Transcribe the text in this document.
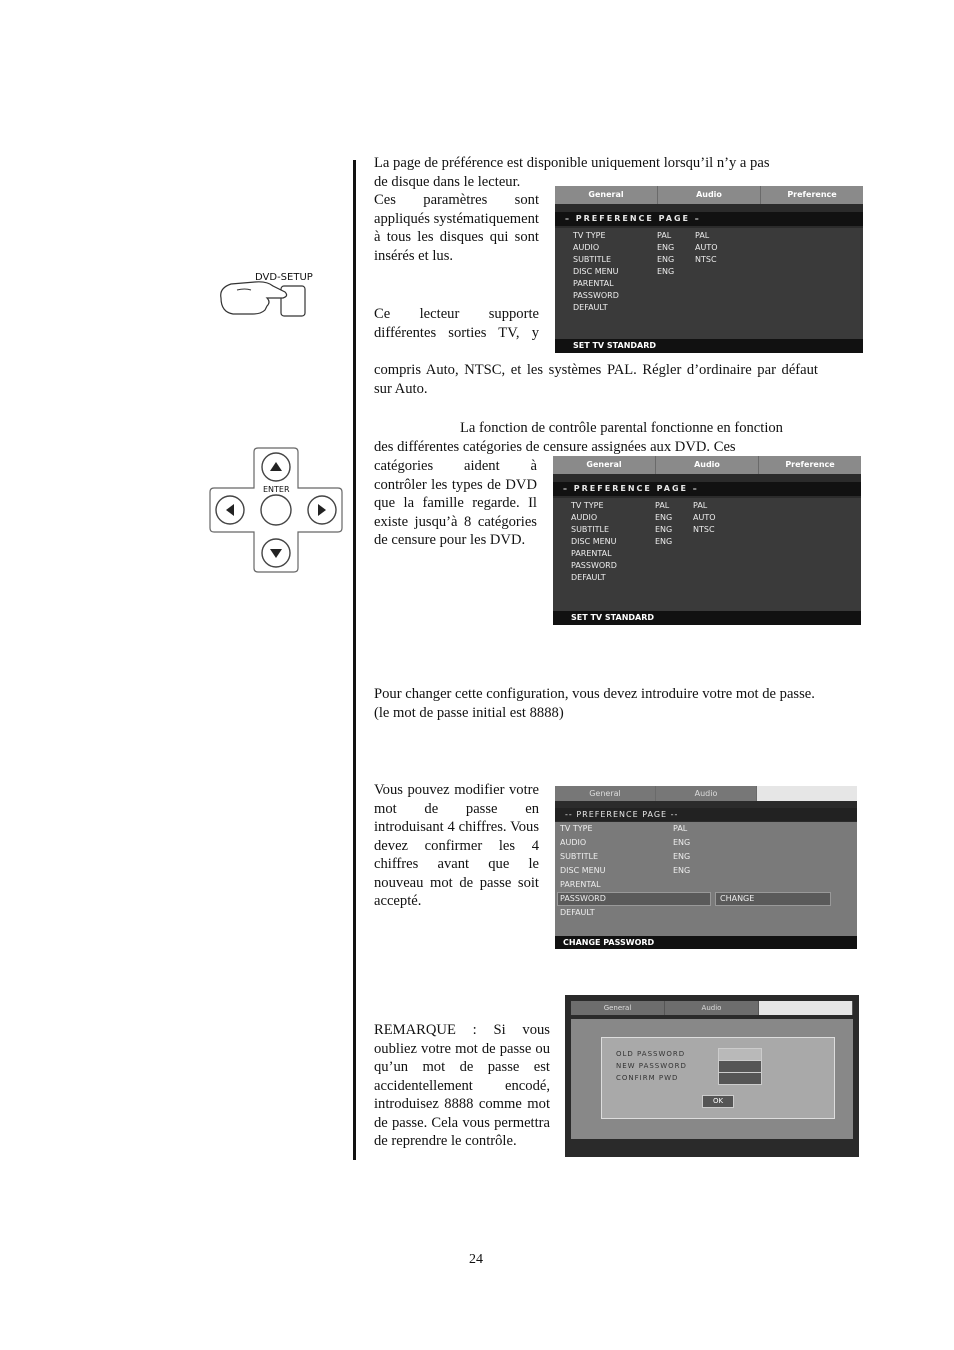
DVD-SETUP
ENTER

La page de préférence est disponible uniquement lorsqu’il n’y a pas

de disque dans le lecteur.

Ces paramètres sont appliqués systématiquement à tous les disques qui sont insérés et lus.

Ce lecteur supporte différentes sorties TV, y

compris Auto, NTSC, et les systèmes PAL. Régler d’ordinaire par défaut sur Auto.

General	Audio	Preference
– PREFERENCE PAGE –
TV TYPE	PAL	PAL
AUDIO	ENG	AUTO
SUBTITLE	ENG	NTSC
DISC MENU	ENG
PARENTAL
PASSWORD
DEFAULT
SET TV STANDARD

La fonction de contrôle parental fonctionne en fonction

des différentes catégories de censure assignées aux DVD. Ces

catégories aident à contrôler les types de DVD que la famille regarde. Il existe jusqu’à 8 catégories de censure pour les DVD.

General	Audio	Preference
– PREFERENCE PAGE –
TV TYPE	PAL	PAL
AUDIO	ENG	AUTO
SUBTITLE	ENG	NTSC
DISC MENU	ENG
PARENTAL
PASSWORD
DEFAULT
SET TV STANDARD

Pour changer cette configuration, vous devez introduire votre mot de passe. (le mot de passe initial est 8888)

Vous pouvez modifier votre mot de passe en introduisant 4 chiffres. Vous devez confirmer les 4 chiffres avant que le nouveau mot de passe soit accepté.

General	Audio
-- PREFERENCE PAGE --
TV TYPE	PAL
AUDIO	ENG
SUBTITLE	ENG
DISC MENU	ENG
PARENTAL
PASSWORD	CHANGE
DEFAULT
CHANGE PASSWORD

REMARQUE : Si vous oubliez votre mot de passe ou qu’un mot de passe est accidentellement encodé, introduisez 8888 comme mot de passe. Cela vous permettra de reprendre le contrôle.

General	Audio
OLD PASSWORD
NEW PASSWORD
CONFIRM PWD
OK
24
